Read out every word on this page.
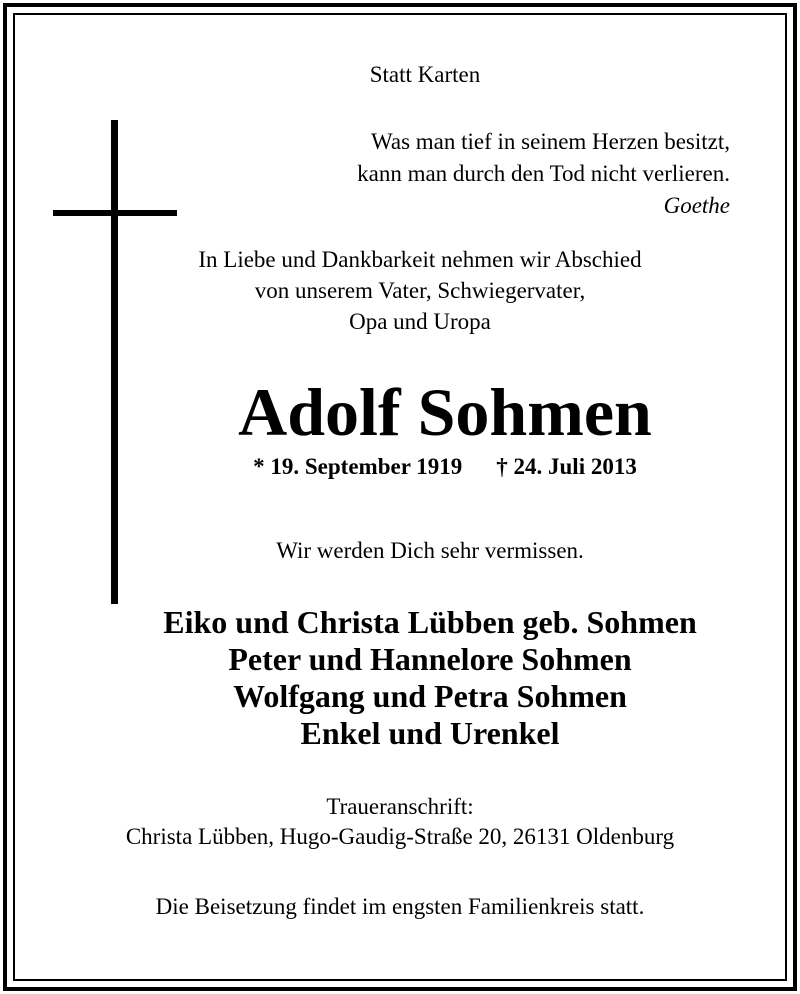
Statt Karten

Was man tief in seinem Herzen besitzt,
kann man durch den Tod nicht verlieren.
Goethe
In Liebe und Dankbarkeit nehmen wir Abschied
von unserem Vater, Schwiegervater,
Opa und Uropa
Adolf Sohmen
* 19. September 1919 † 24. Juli 2013

Wir werden Dich sehr vermissen.

Eiko und Christa Lübben geb. Sohmen
Peter und Hannelore Sohmen
Wolfgang und Petra Sohmen
Enkel und Urenkel
Traueranschrift:
Christa Lübben, Hugo-Gaudig-Straße 20, 26131 Oldenburg

Die Beisetzung findet im engsten Familienkreis statt.
